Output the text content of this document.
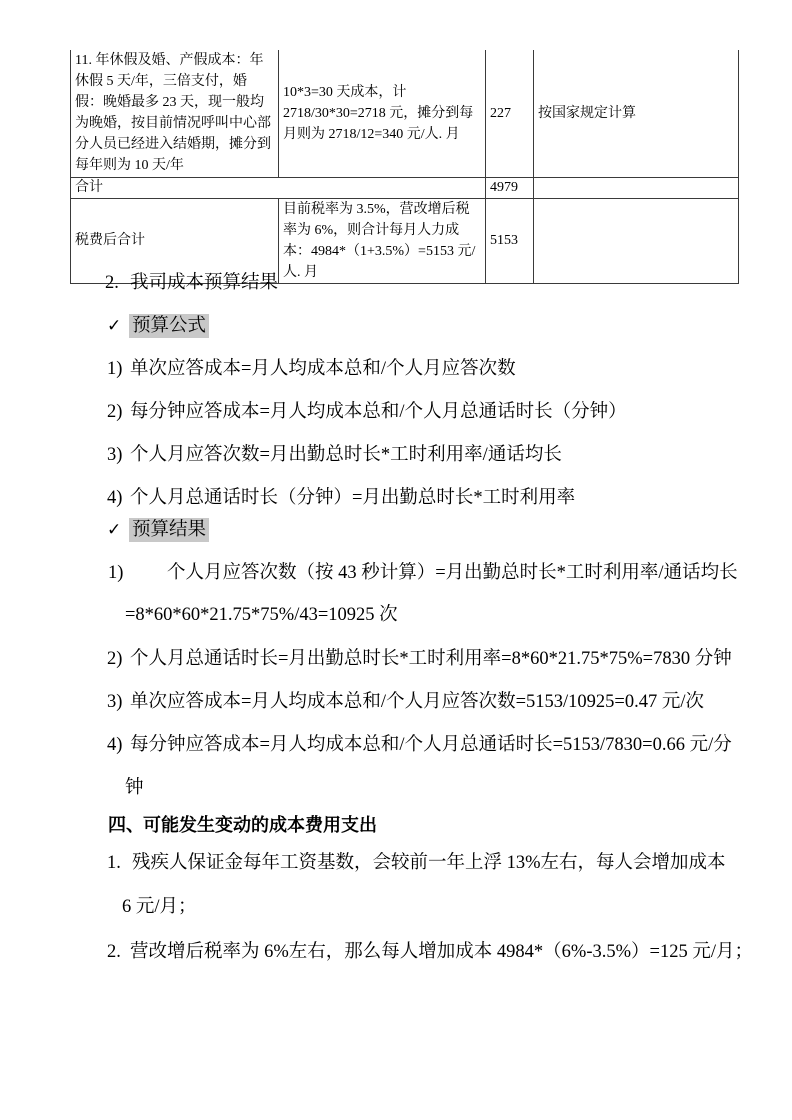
11. 年休假及婚、产假成本：年休假 5 天/年，三倍支付，婚假：晚婚最多 23 天，现一般均为晚婚，按目前情况呼叫中心部分人员已经进入结婚期，摊分到每年则为 10 天/年	10*3=30 天成本，计 2718/30*30=2718 元，摊分到每月则为 2718/12=340 元/人. 月	227	按国家规定计算
合计		4979	
税费后合计	目前税率为 3.5%，营改增后税率为 6%，则合计每月人力成本：4984*（1+3.5%）=5153 元/人. 月	5153	
2. 我司成本预算结果
✓ 预算公式
1) 单次应答成本=月人均成本总和/个人月应答次数
2) 每分钟应答成本=月人均成本总和/个人月总通话时长（分钟）
3) 个人月应答次数=月出勤总时长*工时利用率/通话均长
4) 个人月总通话时长（分钟）=月出勤总时长*工时利用率
✓ 预算结果
1) 个人月应答次数（按 43 秒计算）=月出勤总时长*工时利用率/通话均长
=8*60*60*21.75*75%/43=10925 次
2) 个人月总通话时长=月出勤总时长*工时利用率=8*60*21.75*75%=7830 分钟
3) 单次应答成本=月人均成本总和/个人月应答次数=5153/10925=0.47 元/次
4) 每分钟应答成本=月人均成本总和/个人月总通话时长=5153/7830=0.66 元/分
钟
四、可能发生变动的成本费用支出
1. 残疾人保证金每年工资基数，会较前一年上浮 13%左右，每人会增加成本
6 元/月；
2. 营改增后税率为 6%左右，那么每人增加成本 4984*（6%-3.5%）=125 元/月；
